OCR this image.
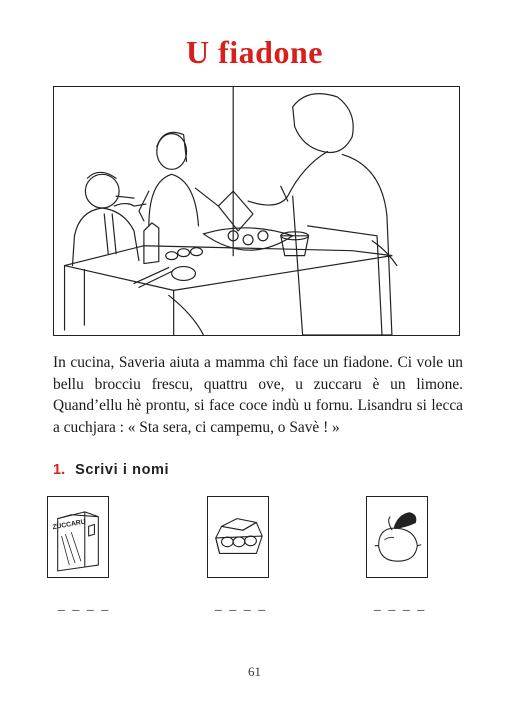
U fiadone
In cucina, Saveria aiuta a mamma chì face un fiadone. Ci vole un bellu brocciu frescu, quattru ove, u zuccaru è un limone. Quand’ellu hè prontu, si face coce indù u fornu. Lisandru si lecca a cuchjara : « Sta sera, ci campemu, o Savè ! »
1. Scrivi i nomi
ZUCCARU
_ _ _ _	_ _ _ _	_ _ _ _
61
